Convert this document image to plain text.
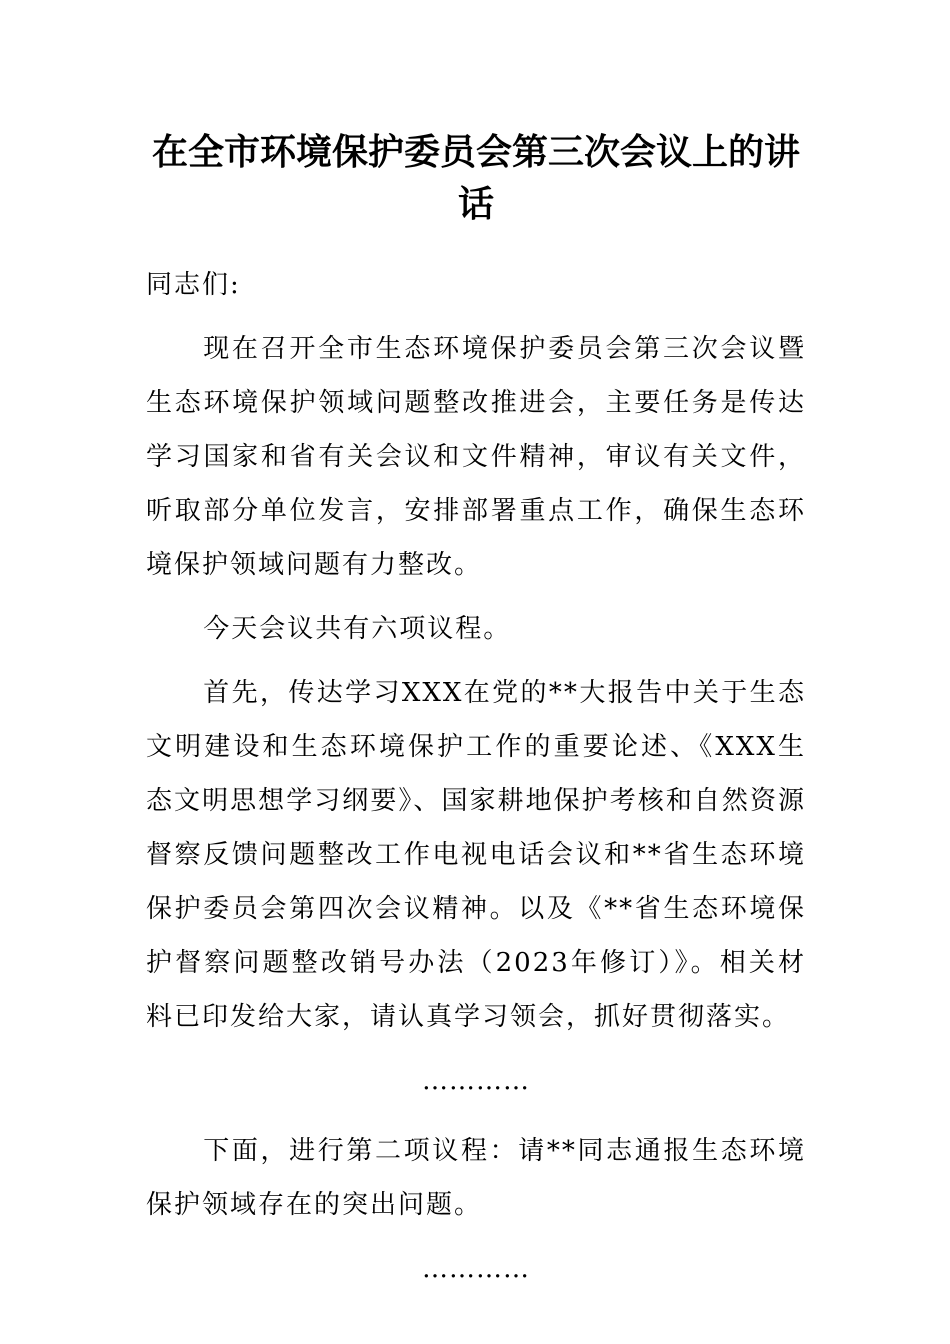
在全市环境保护委员会第三次会议上的讲话

同志们:

现在召开全市生态环境保护委员会第三次会议暨生态环境保护领域问题整改推进会，主要任务是传达学习国家和省有关会议和文件精神，审议有关文件，听取部分单位发言，安排部署重点工作，确保生态环境保护领域问题有力整改。

今天会议共有六项议程。

首先，传达学习XXX在党的**大报告中关于生态文明建设和生态环境保护工作的重要论述、《XXX生态文明思想学习纲要》、国家耕地保护考核和自然资源督察反馈问题整改工作电视电话会议和**省生态环境保护委员会第四次会议精神。以及《**省生态环境保护督察问题整改销号办法（2023年修订）》。相关材料已印发给大家，请认真学习领会，抓好贯彻落实。

…………

下面，进行第二项议程：请**同志通报生态环境保护领域存在的突出问题。

…………
